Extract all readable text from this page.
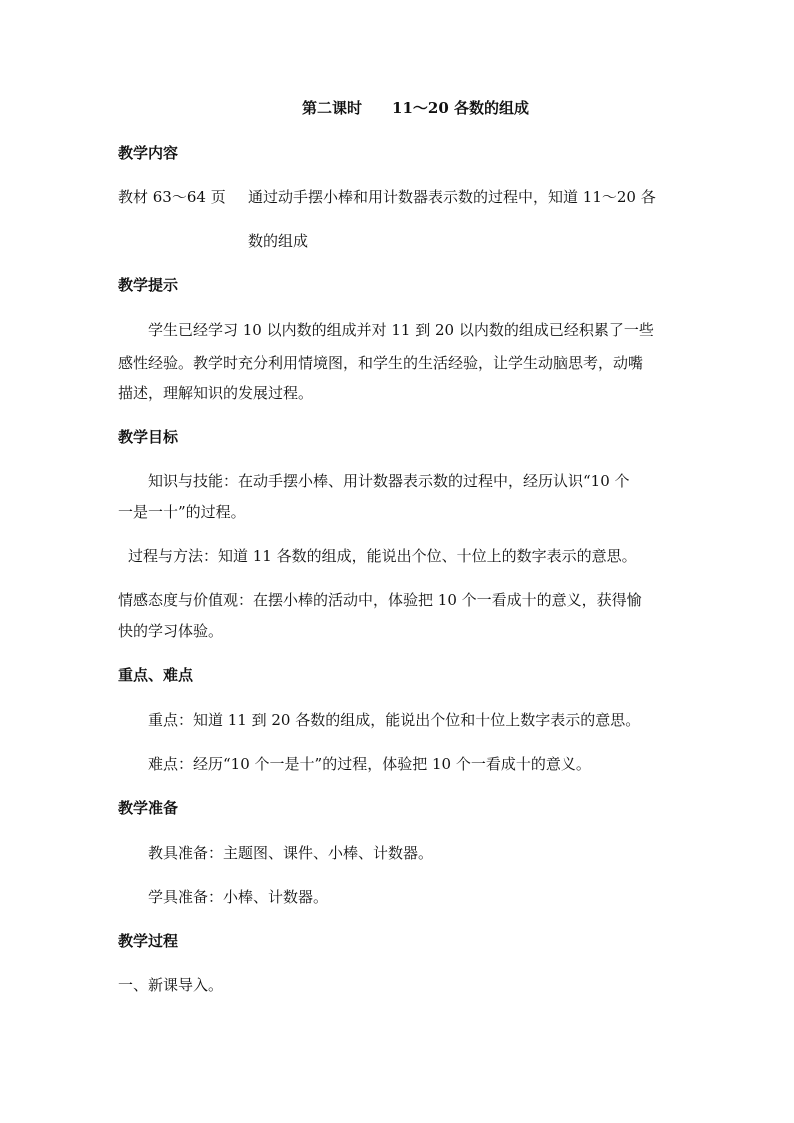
第二课时 11～20 各数的组成
教学内容
教材 63～64 页 通过动手摆小棒和用计数器表示数的过程中，知道 11～20 各
数的组成
教学提示
学生已经学习 10 以内数的组成并对 11 到 20 以内数的组成已经积累了一些
感性经验。教学时充分利用情境图，和学生的生活经验，让学生动脑思考，动嘴
描述，理解知识的发展过程。
教学目标
知识与技能：在动手摆小棒、用计数器表示数的过程中，经历认识“10 个
一是一十”的过程。
过程与方法：知道 11 各数的组成，能说出个位、十位上的数字表示的意思。
情感态度与价值观：在摆小棒的活动中，体验把 10 个一看成十的意义，获得愉
快的学习体验。
重点、难点
重点：知道 11 到 20 各数的组成，能说出个位和十位上数字表示的意思。
难点：经历“10 个一是十”的过程，体验把 10 个一看成十的意义。
教学准备
教具准备：主题图、课件、小棒、计数器。
学具准备：小棒、计数器。
教学过程
一、新课导入。
